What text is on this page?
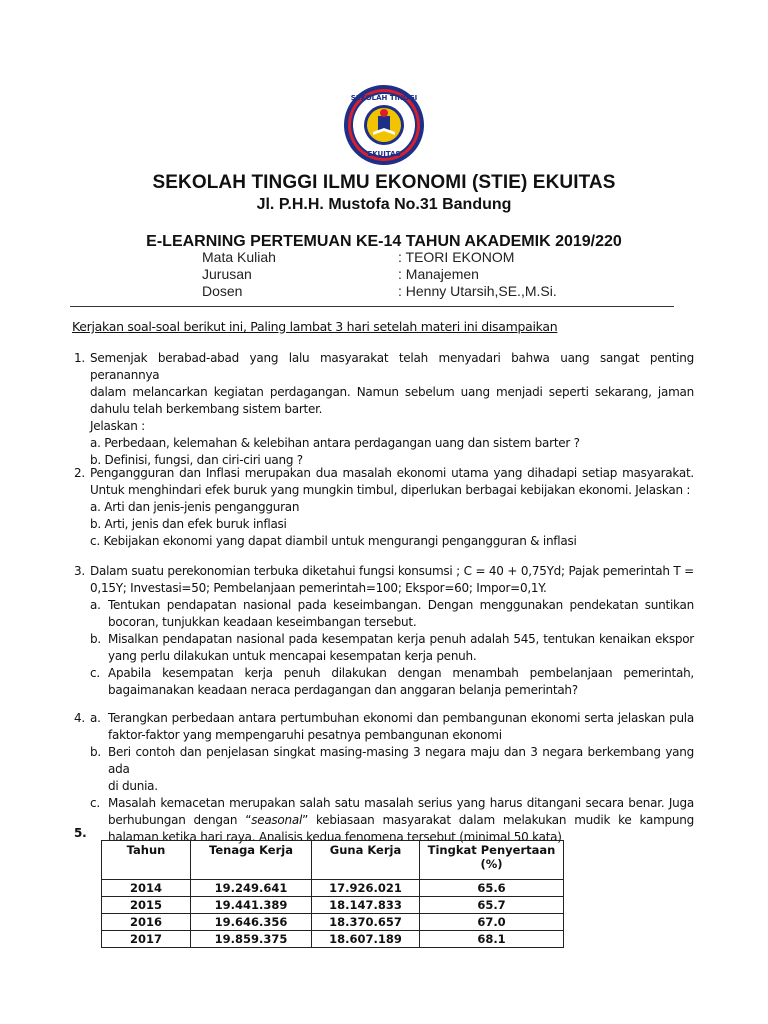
SEKOLAH TINGGI
EKUITAS
SEKOLAH TINGGI ILMU EKONOMI (STIE) EKUITAS
Jl. P.H.H. Mustofa No.31 Bandung
E-LEARNING PERTEMUAN KE-14 TAHUN AKADEMIK 2019/220
Mata Kuliah	: TEORI EKONOM
Jurusan	: Manajemen
Dosen	: Henny Utarsih,SE.,M.Si.
Kerjakan soal-soal berikut ini, Paling lambat 3 hari setelah materi ini disampaikan
1. Semenjak berabad-abad yang lalu masyarakat telah menyadari bahwa uang sangat penting peranannya
dalam melancarkan kegiatan perdagangan. Namun sebelum uang menjadi seperti sekarang, jaman
dahulu telah berkembang sistem barter.
Jelaskan :
a. Perbedaan, kelemahan & kelebihan antara perdagangan uang dan sistem barter ?
b. Definisi, fungsi, dan ciri-ciri uang ?
2. Pengangguran dan Inflasi merupakan dua masalah ekonomi utama yang dihadapi setiap masyarakat.
Untuk menghindari efek buruk yang mungkin timbul, diperlukan berbagai kebijakan ekonomi. Jelaskan :
a. Arti dan jenis-jenis pengangguran
b. Arti, jenis dan efek buruk inflasi
c. Kebijakan ekonomi yang dapat diambil untuk mengurangi pengangguran & inflasi
3. Dalam suatu perekonomian terbuka diketahui fungsi konsumsi ; C = 40 + 0,75Yd; Pajak pemerintah T =
0,15Y; Investasi=50; Pembelanjaan pemerintah=100; Ekspor=60; Impor=0,1Y.
a. Tentukan pendapatan nasional pada keseimbangan. Dengan menggunakan pendekatan suntikan
bocoran, tunjukkan keadaan keseimbangan tersebut.
b. Misalkan pendapatan nasional pada kesempatan kerja penuh adalah 545, tentukan kenaikan ekspor
yang perlu dilakukan untuk mencapai kesempatan kerja penuh.
c. Apabila kesempatan kerja penuh dilakukan dengan menambah pembelanjaan pemerintah,
bagaimanakan keadaan neraca perdagangan dan anggaran belanja pemerintah?
4. a. Terangkan perbedaan antara pertumbuhan ekonomi dan pembangunan ekonomi serta jelaskan pula
faktor-faktor yang mempengaruhi pesatnya pembangunan ekonomi
b. Beri contoh dan penjelasan singkat masing-masing 3 negara maju dan 3 negara berkembang yang ada
di dunia.
c. Masalah kemacetan merupakan salah satu masalah serius yang harus ditangani secara benar. Juga
berhubungan dengan “seasonal” kebiasaan masyarakat dalam melakukan mudik ke kampung
halaman ketika hari raya. Analisis kedua fenomena tersebut (minimal 50 kata)
5.
Tahun	Tenaga Kerja	Guna Kerja	Tingkat Penyertaan
(%)
2014	19.249.641	17.926.021	65.6
2015	19.441.389	18.147.833	65.7
2016	19.646.356	18.370.657	67.0
2017	19.859.375	18.607.189	68.1
